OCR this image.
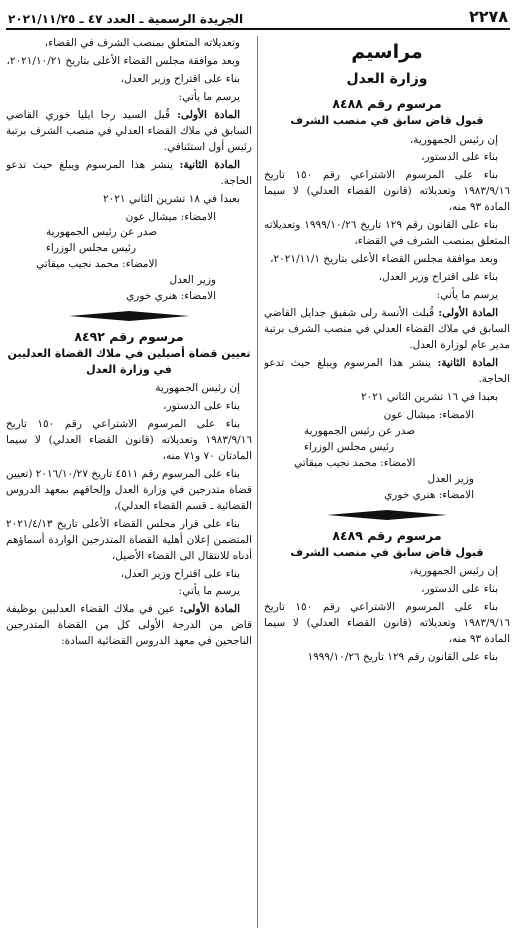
٢٢٧٨
الجريدة الرسمية ـ العدد ٤٧ ـ ٢٠٢١/١١/٢٥
مراسيم
وزارة العدل
مرسوم رقم ٨٤٨٨
قبول قاض سابق في منصب الشرف

إن رئيس الجمهورية،

بناء على الدستور،

بناء على المرسوم الاشتراعي رقم ١٥٠ تاريخ ١٩٨٣/٩/١٦ وتعديلاته (قانون القضاء العدلي) لا سيما المادة ٩٣ منه،

بناء على القانون رقم ١٢٩ تاريخ ١٩٩٩/١٠/٢٦ وتعديلاته المتعلق بمنصب الشرف في القضاء،

وبعد موافقة مجلس القضاء الأعلى بتاريخ ٢٠٢١/١١/١،

بناء على اقتراح وزير العدل،

يرسم ما يأتي:

المادة الأولى: قُبلت الأنسة رلى شفيق جدايل القاضي السابق في ملاك القضاء العدلي في منصب الشرف برتبة مدير عام لوزارة العدل.

المادة الثانية: ينشر هذا المرسوم ويبلغ حيث تدعو الحاجة.

بعبدا في ١٦ تشرين الثاني ٢٠٢١

الامضاء: ميشال عون

صدر عن رئيس الجمهورية

رئيس مجلس الوزراء

الامضاء: محمد نجيب ميقاتي

وزير العدل

الامضاء: هنري خوري

مرسوم رقم ٨٤٨٩
قبول قاض سابق في منصب الشرف

إن رئيس الجمهورية،

بناء على الدستور،

بناء على المرسوم الاشتراعي رقم ١٥٠ تاريخ ١٩٨٣/٩/١٦ وتعديلاته (قانون القضاء العدلي) لا سيما المادة ٩٣ منه،

بناء على القانون رقم ١٢٩ تاريخ ١٩٩٩/١٠/٢٦

وتعديلاته المتعلق بمنصب الشرف في القضاء،

وبعد موافقة مجلس القضاء الأعلى بتاريخ ٢٠٢١/١٠/٢١،

بناء على اقتراح وزير العدل،

يرسم ما يأتي:

المادة الأولى: قُبل السيد رجا ايليا خوري القاضي السابق في ملاك القضاء العدلي في منصب الشرف برتبة رئيس أول استئنافي.

المادة الثانية: ينشر هذا المرسوم ويبلغ حيث تدعو الحاجة.

بعبدا في ١٨ تشرين الثاني ٢٠٢١

الامضاء: ميشال عون

صدر عن رئيس الجمهورية

رئيس مجلس الوزراء

الامضاء: محمد نجيب ميقاتي

وزير العدل

الامضاء: هنري خوري

مرسوم رقم ٨٤٩٢
تعيين قضاة أصيلين في ملاك القضاة العدليين في وزارة العدل

إن رئيس الجمهورية

بناء على الدستور،

بناء على المرسوم الاشتراعي رقم ١٥٠ تاريخ ١٩٨٣/٩/١٦ وتعديلاته (قانون القضاء العدلي) لا سيما المادتان ٧٠ و٧١ منه،

بناء على المرسوم رقم ٤٥١١ تاريخ ٢٠١٦/١٠/٢٧ (تعيين قضاة متدرجين في وزارة العدل وإلحاقهم بمعهد الدروس القضائية ـ قسم القضاء العدلي)،

بناء على قرار مجلس القضاء الأعلى تاريخ ٢٠٢١/٤/١٣ المتضمن إعلان أهلية القضاة المتدرجين الواردة أسماؤهم أدناه للانتقال الى القضاء الأصيل،

بناء على اقتراح وزير العدل،

يرسم ما يأتي:

المادة الأولى: عين في ملاك القضاء العدليين بوظيفة قاض من الدرجة الأولى كل من القضاة المتدرجين الناجحين في معهد الدروس القضائية السادة:
